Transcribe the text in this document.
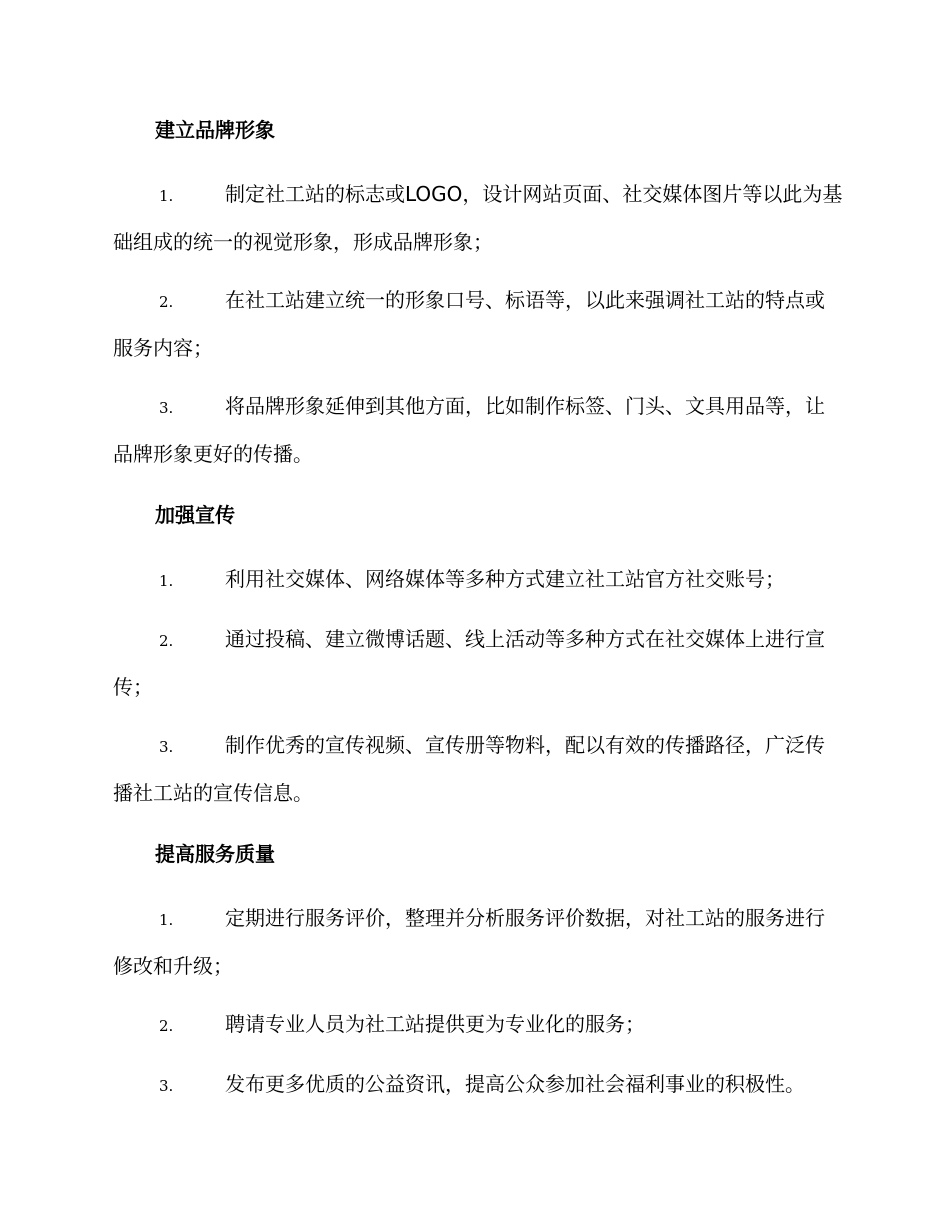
建立品牌形象

1.	制定社工站的标志或LOGO，设计网站页面、社交媒体图片等以此为基础组成的统一的视觉形象，形成品牌形象；

2.	在社工站建立统一的形象口号、标语等，以此来强调社工站的特点或服务内容；

3.	将品牌形象延伸到其他方面，比如制作标签、门头、文具用品等，让品牌形象更好的传播。

加强宣传

1.	利用社交媒体、网络媒体等多种方式建立社工站官方社交账号；

2.	通过投稿、建立微博话题、线上活动等多种方式在社交媒体上进行宣传；

3.	制作优秀的宣传视频、宣传册等物料，配以有效的传播路径，广泛传播社工站的宣传信息。

提高服务质量

1.	定期进行服务评价，整理并分析服务评价数据，对社工站的服务进行修改和升级；

2.	聘请专业人员为社工站提供更为专业化的服务；

3.	发布更多优质的公益资讯，提高公众参加社会福利事业的积极性。
